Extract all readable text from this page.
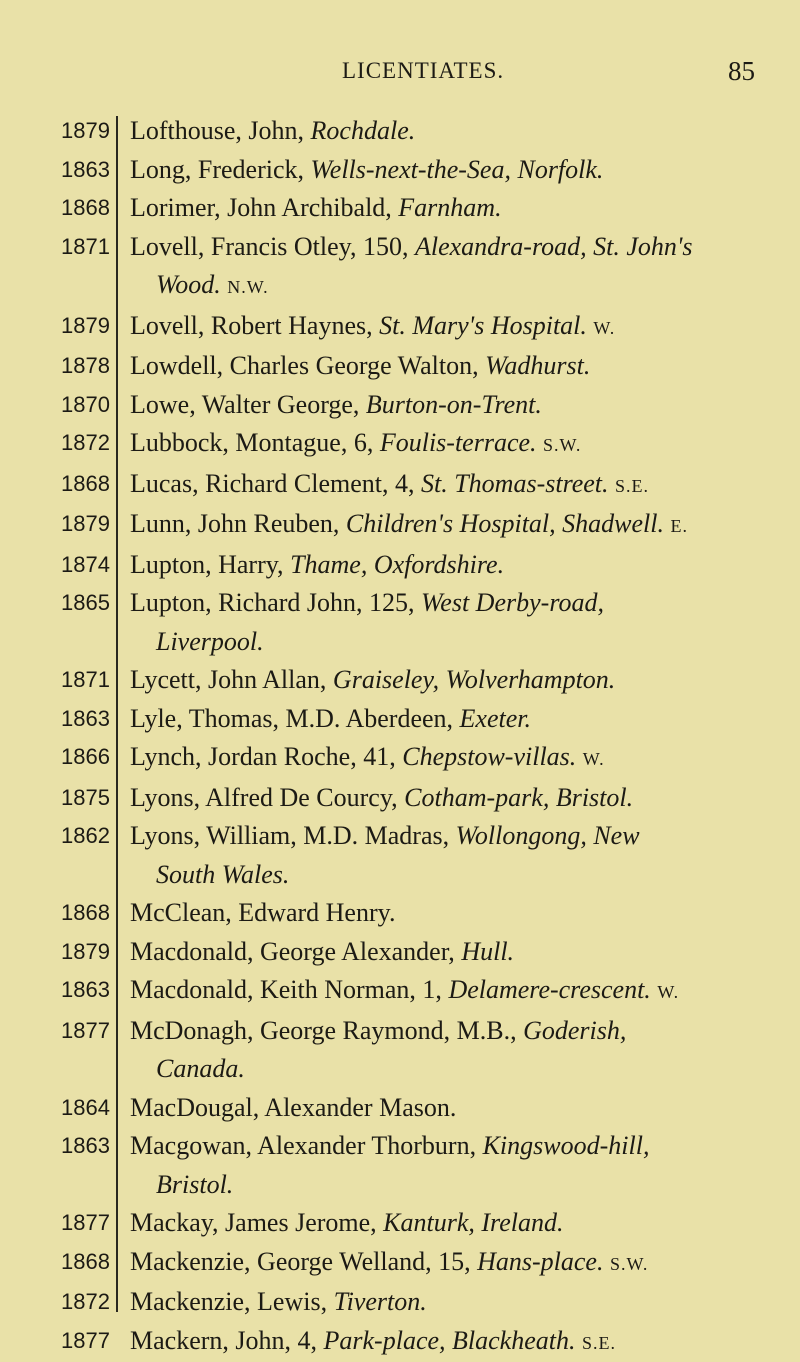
LICENTIATES.	85
1879 Lofthouse, John, Rochdale.
1863 Long, Frederick, Wells-next-the-Sea, Norfolk.
1868 Lorimer, John Archibald, Farnham.
1871 Lovell, Francis Otley, 150, Alexandra-road, St. John's
Wood. N.W.
1879 Lovell, Robert Haynes, St. Mary's Hospital. W.
1878 Lowdell, Charles George Walton, Wadhurst.
1870 Lowe, Walter George, Burton-on-Trent.
1872 Lubbock, Montague, 6, Foulis-terrace. S.W.
1868 Lucas, Richard Clement, 4, St. Thomas-street. S.E.
1879 Lunn, John Reuben, Children's Hospital, Shadwell. E.
1874 Lupton, Harry, Thame, Oxfordshire.
1865 Lupton, Richard John, 125, West Derby-road,
Liverpool.
1871 Lycett, John Allan, Graiseley, Wolverhampton.
1863 Lyle, Thomas, M.D. Aberdeen, Exeter.
1866 Lynch, Jordan Roche, 41, Chepstow-villas. W.
1875 Lyons, Alfred De Courcy, Cotham-park, Bristol.
1862 Lyons, William, M.D. Madras, Wollongong, New
South Wales.
1868 McClean, Edward Henry.
1879 Macdonald, George Alexander, Hull.
1863 Macdonald, Keith Norman, 1, Delamere-crescent. W.
1877 McDonagh, George Raymond, M.B., Goderish,
Canada.
1864 MacDougal, Alexander Mason.
1863 Macgowan, Alexander Thorburn, Kingswood-hill,
Bristol.
1877 Mackay, James Jerome, Kanturk, Ireland.
1868 Mackenzie, George Welland, 15, Hans-place. S.W.
1872 Mackenzie, Lewis, Tiverton.
1877 Mackern, John, 4, Park-place, Blackheath. S.E.
